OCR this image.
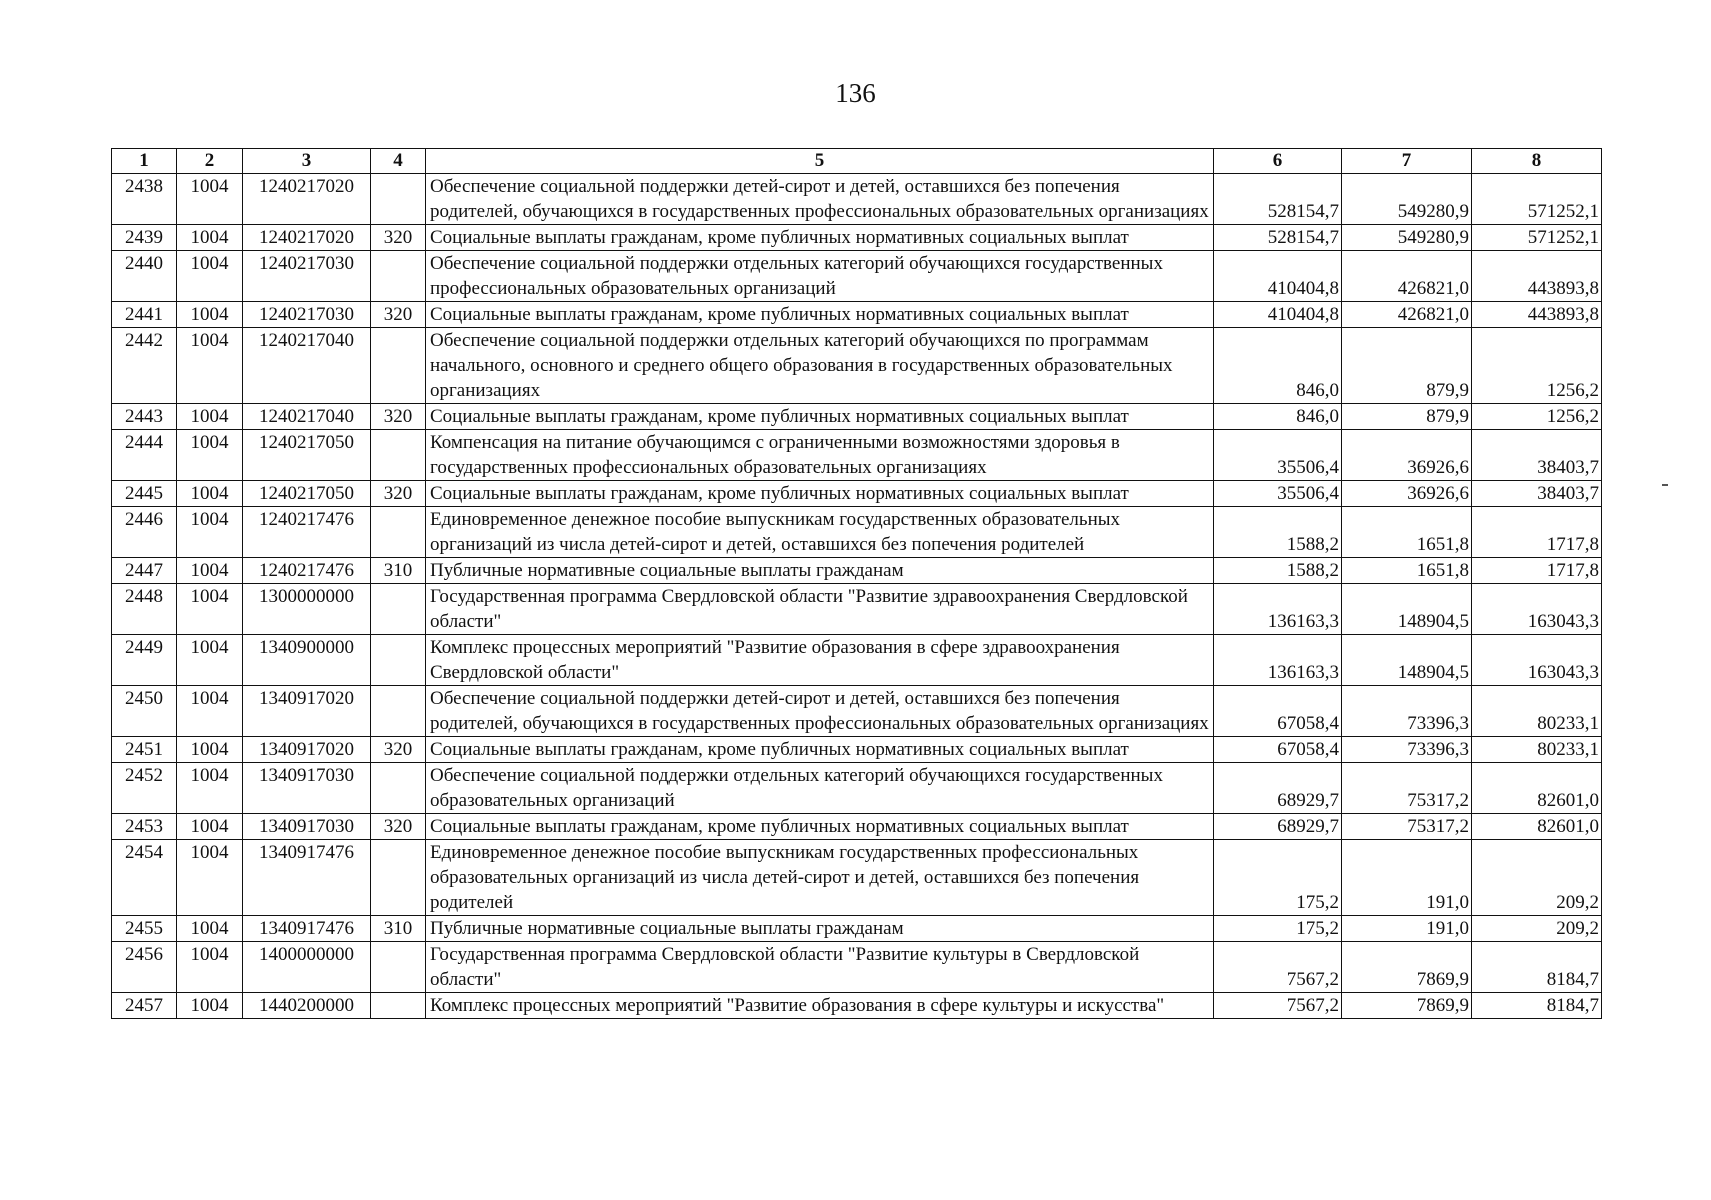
136
1	2	3	4	5	6	7	8
2438	1004	1240217020		Обеспечение социальной поддержки детей-сирот и детей, оставшихся без попечения родителей, обучающихся в государственных профессиональных образовательных организациях	528154,7	549280,9	571252,1
2439	1004	1240217020	320	Социальные выплаты гражданам, кроме публичных нормативных социальных выплат	528154,7	549280,9	571252,1
2440	1004	1240217030		Обеспечение социальной поддержки отдельных категорий обучающихся государственных профессиональных образовательных организаций	410404,8	426821,0	443893,8
2441	1004	1240217030	320	Социальные выплаты гражданам, кроме публичных нормативных социальных выплат	410404,8	426821,0	443893,8
2442	1004	1240217040		Обеспечение социальной поддержки отдельных категорий обучающихся по программам начального, основного и среднего общего образования в государственных образовательных организациях	846,0	879,9	1256,2
2443	1004	1240217040	320	Социальные выплаты гражданам, кроме публичных нормативных социальных выплат	846,0	879,9	1256,2
2444	1004	1240217050		Компенсация на питание обучающимся с ограниченными возможностями здоровья в государственных профессиональных образовательных организациях	35506,4	36926,6	38403,7
2445	1004	1240217050	320	Социальные выплаты гражданам, кроме публичных нормативных социальных выплат	35506,4	36926,6	38403,7
2446	1004	1240217476		Единовременное денежное пособие выпускникам государственных образовательных организаций из числа детей-сирот и детей, оставшихся без попечения родителей	1588,2	1651,8	1717,8
2447	1004	1240217476	310	Публичные нормативные социальные выплаты гражданам	1588,2	1651,8	1717,8
2448	1004	1300000000		Государственная программа Свердловской области "Развитие здравоохранения Свердловской области"	136163,3	148904,5	163043,3
2449	1004	1340900000		Комплекс процессных мероприятий "Развитие образования в сфере здравоохранения Свердловской области"	136163,3	148904,5	163043,3
2450	1004	1340917020		Обеспечение социальной поддержки детей-сирот и детей, оставшихся без попечения родителей, обучающихся в государственных профессиональных образовательных организациях	67058,4	73396,3	80233,1
2451	1004	1340917020	320	Социальные выплаты гражданам, кроме публичных нормативных социальных выплат	67058,4	73396,3	80233,1
2452	1004	1340917030		Обеспечение социальной поддержки отдельных категорий обучающихся государственных образовательных организаций	68929,7	75317,2	82601,0
2453	1004	1340917030	320	Социальные выплаты гражданам, кроме публичных нормативных социальных выплат	68929,7	75317,2	82601,0
2454	1004	1340917476		Единовременное денежное пособие выпускникам государственных профессиональных образовательных организаций из числа детей-сирот и детей, оставшихся без попечения родителей	175,2	191,0	209,2
2455	1004	1340917476	310	Публичные нормативные социальные выплаты гражданам	175,2	191,0	209,2
2456	1004	1400000000		Государственная программа Свердловской области "Развитие культуры в Свердловской области"	7567,2	7869,9	8184,7
2457	1004	1440200000		Комплекс процессных мероприятий "Развитие образования в сфере культуры и искусства"	7567,2	7869,9	8184,7
